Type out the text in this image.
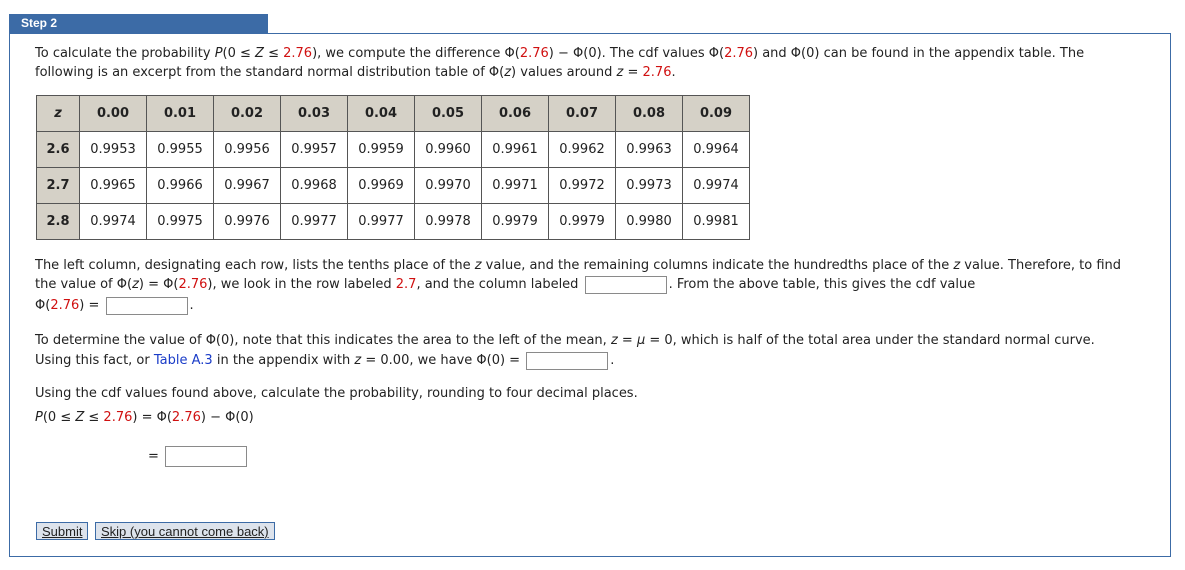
Step 2
To calculate the probability P(0 ≤ Z ≤ 2.76), we compute the difference Φ(2.76) − Φ(0). The cdf values Φ(2.76) and Φ(0) can be found in the appendix table. The
following is an excerpt from the standard normal distribution table of Φ(z) values around z = 2.76.
z	0.00	0.01	0.02	0.03	0.04	0.05	0.06	0.07	0.08	0.09
2.6	0.9953	0.9955	0.9956	0.9957	0.9959	0.9960	0.9961	0.9962	0.9963	0.9964
2.7	0.9965	0.9966	0.9967	0.9968	0.9969	0.9970	0.9971	0.9972	0.9973	0.9974
2.8	0.9974	0.9975	0.9976	0.9977	0.9977	0.9978	0.9979	0.9979	0.9980	0.9981
The left column, designating each row, lists the tenths place of the z value, and the remaining columns indicate the hundredths place of the z value. Therefore, to find
the value of Φ(z) = Φ(2.76), we look in the row labeled 2.7, and the column labeled	. From the above table, this gives the cdf value
Φ(2.76) =	.
To determine the value of Φ(0), note that this indicates the area to the left of the mean, z = μ = 0, which is half of the total area under the standard normal curve.
Using this fact, or Table A.3 in the appendix with z = 0.00, we have Φ(0) =	.
Using the cdf values found above, calculate the probability, rounding to four decimal places.
P(0 ≤ Z ≤ 2.76) = Φ(2.76) − Φ(0)
=
Submit	Skip (you cannot come back)
